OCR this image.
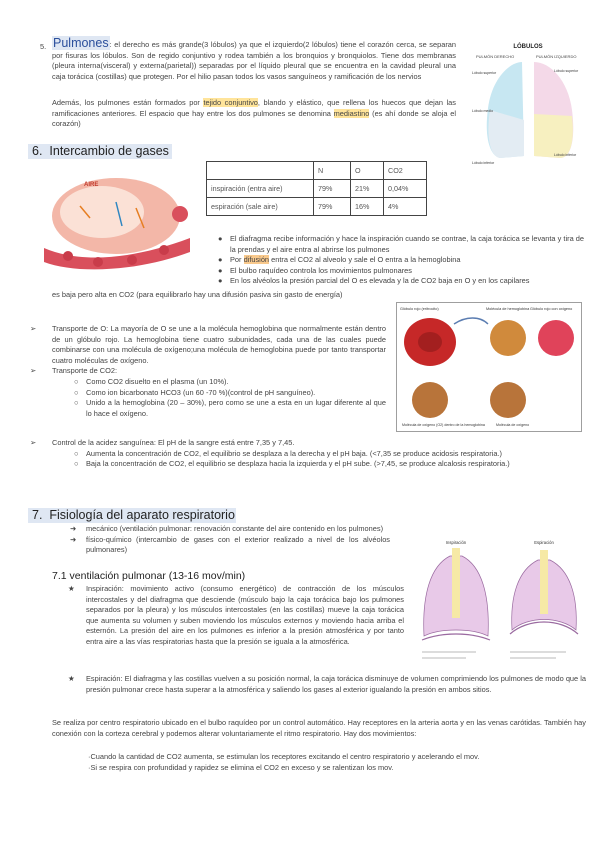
5. Pulmones: el derecho es más grande(3 lóbulos) ya que el izquierdo(2 lóbulos) tiene el corazón cerca, se separan por fisuras los lóbulos. Son de regido conjuntivo y rodea también a los bronquios y bronquiolos. Tiene dos membranas (pleura interna(visceral) y externa(parietal)) separadas por el líquido pleural que se encuentra en la cavidad pleural una caja torácica (costillas) que protegen. Por el hilio pasan todos los vasos sanguíneos y ramificación de los nervios
Además, los pulmones están formados por tejido conjuntivo, blando y elástico, que rellena los huecos que dejan las ramificaciones anteriores. El espacio que hay entre los dos pulmones se denomina mediastino (es ahí donde se aloja el corazón)
LÓBULOS
PULMÓN DERECHO	PULMÓN IZQUIERDO
Lóbulo superior
Lóbulo medio
Lóbulo inferior
Lóbulo superior
Lóbulo inferior
6. Intercambio de gases
AIRE
	N	O	CO2
inspiración (entra aire)	79%	21%	0,04%
espiración (sale aire)	79%	16%	4%
●	El diafragma recibe información y hace la inspiración cuando se contrae, la caja torácica se levanta y tira de la prendas y el aire entra al abrirse los pulmones
●	Por difusión entra el CO2 al alveolo y sale el O entra a la hemoglobina
●	El bulbo raquídeo controla los movimientos pulmonares
●	En los alvéolos la presión parcial del O es elevada y la de CO2 baja en O y en los capilares
es baja pero alta en CO2 (para equilibrarlo hay una difusión pasiva sin gasto de energía)
➢	Transporte de O: La mayoría de O se une a la molécula hemoglobina que normalmente están dentro de un glóbulo rojo. La hemoglobina tiene cuatro subunidades, cada una de las cuales puede combinarse con una molécula de oxígeno;una molécula de hemoglobina puede por tanto transportar cuatro moléculas de oxígeno.
➢	Transporte de CO2:
○	Como CO2 disuelto en el plasma (un 10%).
○	Como ion bicarbonato HCO3 (un 60 -70 %)(control de pH sanguíneo).
○	Unido a la hemoglobina (20 – 30%), pero como se une a esta en un lugar diferente al que lo hace el oxígeno.
Glóbulo rojo (eritrocito)	Molécula de hemoglobina Glóbulo rojo con oxígeno
Molécula de oxígeno (O2) dentro de la hemoglobina	Molécula de oxígeno
➢	Control de la acidez sanguínea: El pH de la sangre está entre 7,35 y 7,45.
○	Aumenta la concentración de CO2, el equilibrio se desplaza a la derecha y el pH baja. (<7,35 se produce acidosis respiratoria.)
○	Baja la concentración de CO2, el equilibrio se desplaza hacia la izquierda y el pH sube. (>7,45, se produce alcalosis respiratoria.)
7. Fisiología del aparato respiratorio
➜	mecánico (ventilación pulmonar: renovación constante del aire contenido en los pulmones)
➜	físico-químico (intercambio de gases con el exterior realizado a nivel de los alvéolos pulmonares)
7.1 ventilación pulmonar (13-16 mov/min)
★	Inspiración: movimiento activo (consumo energético) de contracción de los músculos intercostales y del diafragma que desciende (músculo bajo la caja torácica bajo los pulmones separados por la pleura) y los músculos intercostales (en las costillas) mueve la caja torácica que aumenta su volumen y suben moviendo los músculos externos y moviendo hacia arriba el esternón. La presión del aire en los pulmones es inferior a la presión atmosférica y por tanto entra aire a las vías respiratorias hasta que la presión se iguala a la atmosférica.
Inspiración	Espiración
★	Espiración: El diafragma y las costillas vuelven a su posición normal, la caja torácica disminuye de volumen comprimiendo los pulmones de modo que la presión pulmonar crece hasta superar a la atmosférica y saliendo los gases al exterior igualando la presión en ambos sitios.
Se realiza por centro respiratorio ubicado en el bulbo raquídeo por un control automático. Hay receptores en la arteria aorta y en las venas carótidas. También hay conexión con la corteza cerebral y podemos alterar voluntariamente el ritmo respiratorio. Hay dos movimientos:
·Cuando la cantidad de CO2 aumenta, se estimulan los receptores excitando el centro respiratorio y acelerando el mov.
·Si se respira con profundidad y rapidez se elimina el CO2 en exceso y se ralentizan los mov.
